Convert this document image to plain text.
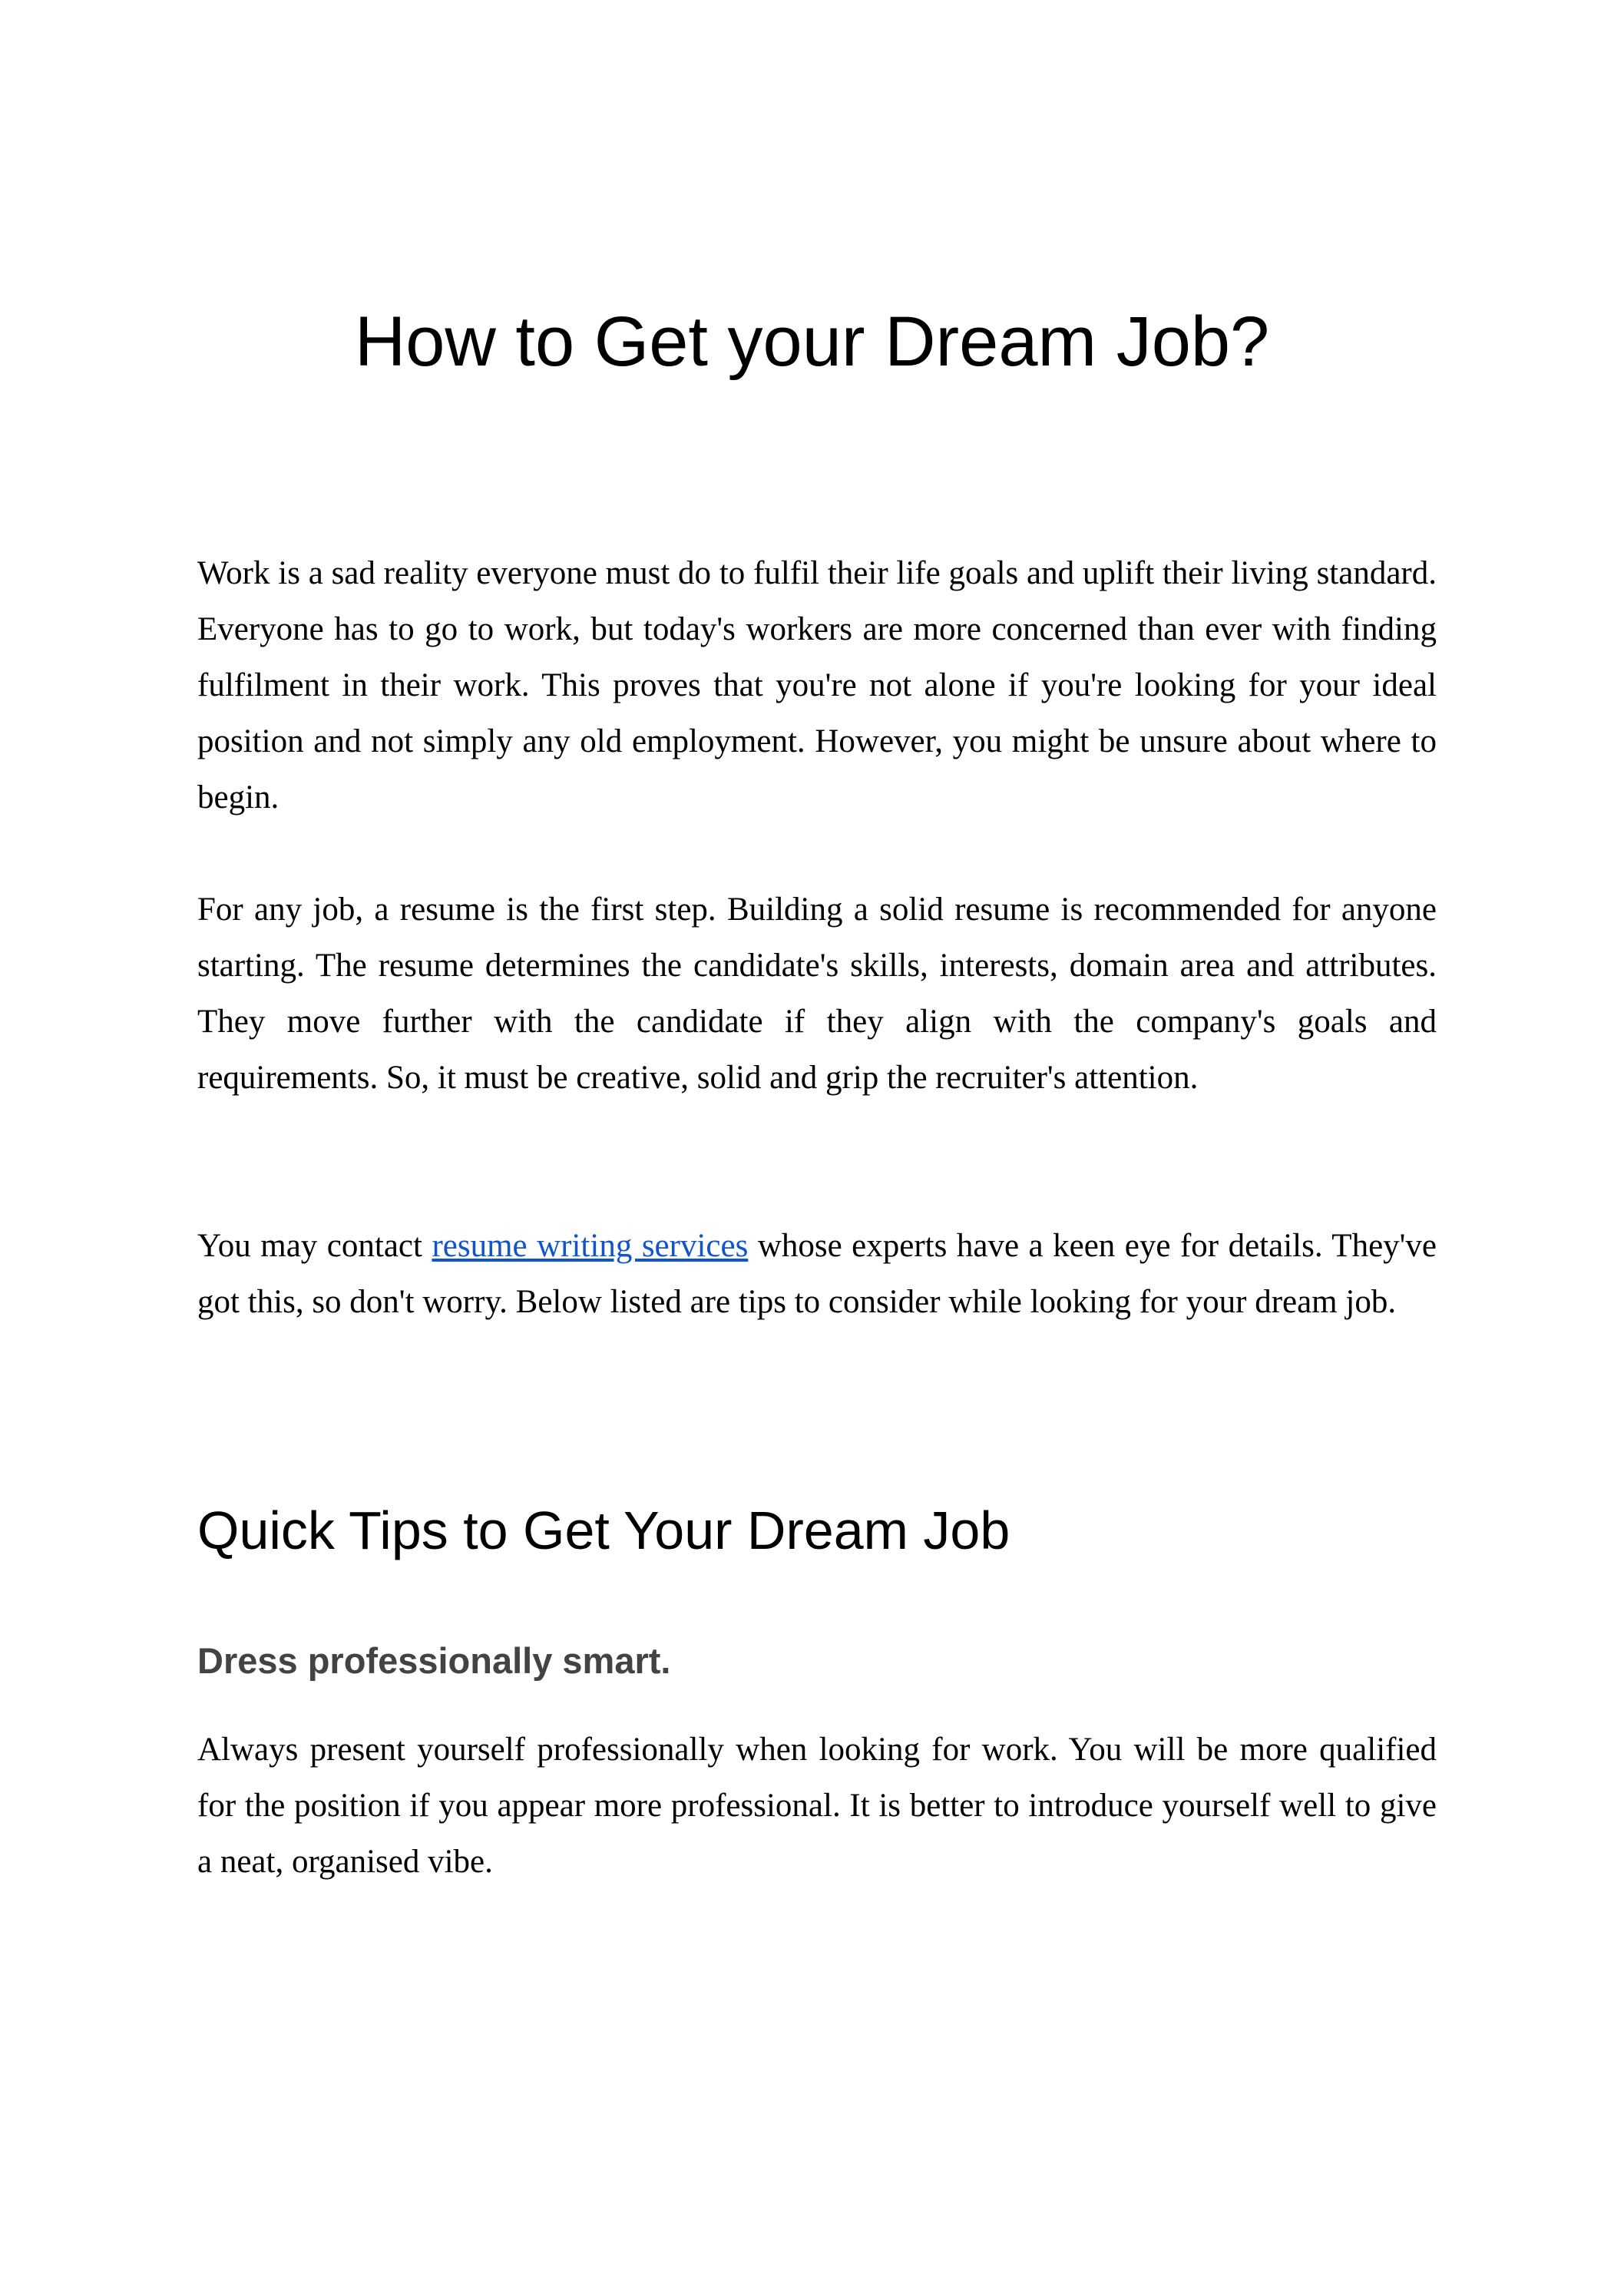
How to Get your Dream Job?

Work is a sad reality everyone must do to fulfil their life goals and uplift their living standard. Everyone has to go to work, but today's workers are more concerned than ever with finding fulfilment in their work. This proves that you're not alone if you're looking for your ideal position and not simply any old employment. However, you might be unsure about where to begin.

For any job, a resume is the first step. Building a solid resume is recommended for anyone starting. The resume determines the candidate's skills, interests, domain area and attributes. They move further with the candidate if they align with the company's goals and requirements. So, it must be creative, solid and grip the recruiter's attention.

You may contact resume writing services whose experts have a keen eye for details. They've got this, so don't worry. Below listed are tips to consider while looking for your dream job.

Quick Tips to Get Your Dream Job
Dress professionally smart.

Always present yourself professionally when looking for work. You will be more qualified for the position if you appear more professional. It is better to introduce yourself well to give a neat, organised vibe.
